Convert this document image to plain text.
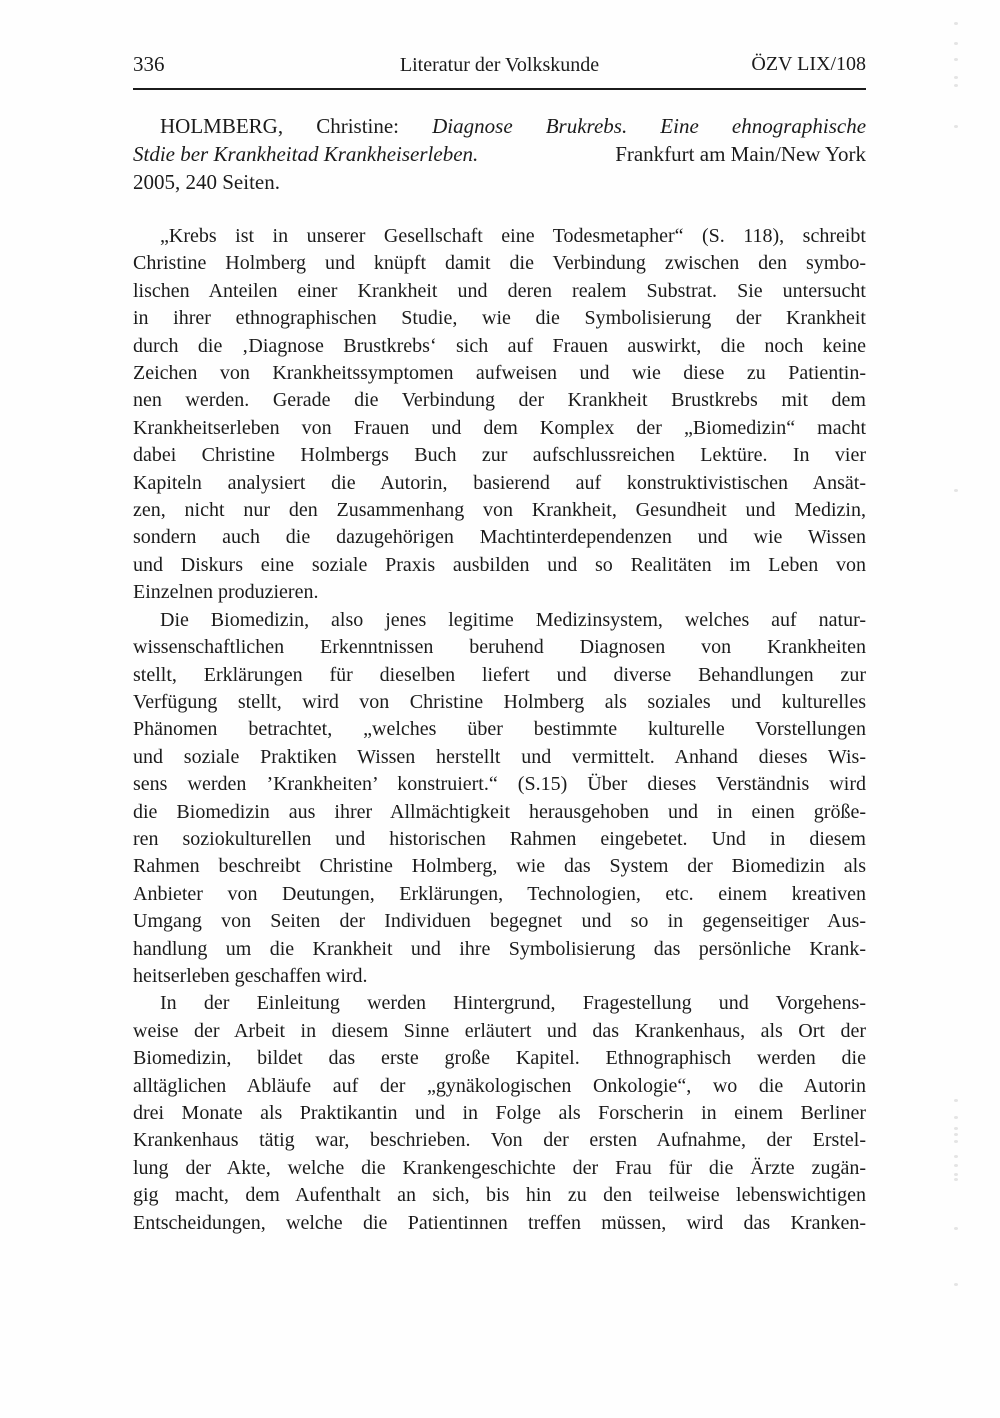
336	Literatur der Volkskunde	ÖZV LIX/108
HOLMBERG, Christine: Diagnose Brukrebs. Eine ehnographische
Stdie ber Krankheitad Krankheiserleben.	Frankfurt am Main/New York
2005, 240 Seiten.
„Krebs ist in unserer Gesellschaft eine Todesmetapher“ (S. 118), schreibt
Christine Holmberg und knüpft damit die Verbindung zwischen den symbo-
lischen Anteilen einer Krankheit und deren realem Substrat. Sie untersucht
in ihrer ethnographischen Studie, wie die Symbolisierung der Krankheit
durch die ‚Diagnose Brustkrebs‘ sich auf Frauen auswirkt, die noch keine
Zeichen von Krankheitssymptomen aufweisen und wie diese zu Patientin-
nen werden. Gerade die Verbindung der Krankheit Brustkrebs mit dem
Krankheitserleben von Frauen und dem Komplex der „Biomedizin“ macht
dabei Christine Holmbergs Buch zur aufschlussreichen Lektüre. In vier
Kapiteln analysiert die Autorin, basierend auf konstruktivistischen Ansät-
zen, nicht nur den Zusammenhang von Krankheit, Gesundheit und Medizin,
sondern auch die dazugehörigen Machtinterdependenzen und wie Wissen
und Diskurs eine soziale Praxis ausbilden und so Realitäten im Leben von
Einzelnen produzieren.
Die Biomedizin, also jenes legitime Medizinsystem, welches auf natur-
wissenschaftlichen Erkenntnissen beruhend Diagnosen von Krankheiten
stellt, Erklärungen für dieselben liefert und diverse Behandlungen zur
Verfügung stellt, wird von Christine Holmberg als soziales und kulturelles
Phänomen betrachtet, „welches über bestimmte kulturelle Vorstellungen
und soziale Praktiken Wissen herstellt und vermittelt. Anhand dieses Wis-
sens werden ’Krankheiten’ konstruiert.“ (S.15) Über dieses Verständnis wird
die Biomedizin aus ihrer Allmächtigkeit herausgehoben und in einen größe-
ren soziokulturellen und historischen Rahmen eingebetet. Und in diesem
Rahmen beschreibt Christine Holmberg, wie das System der Biomedizin als
Anbieter von Deutungen, Erklärungen, Technologien, etc. einem kreativen
Umgang von Seiten der Individuen begegnet und so in gegenseitiger Aus-
handlung um die Krankheit und ihre Symbolisierung das persönliche Krank-
heitserleben geschaffen wird.
In der Einleitung werden Hintergrund, Fragestellung und Vorgehens-
weise der Arbeit in diesem Sinne erläutert und das Krankenhaus, als Ort der
Biomedizin, bildet das erste große Kapitel. Ethnographisch werden die
alltäglichen Abläufe auf der „gynäkologischen Onkologie“, wo die Autorin
drei Monate als Praktikantin und in Folge als Forscherin in einem Berliner
Krankenhaus tätig war, beschrieben. Von der ersten Aufnahme, der Erstel-
lung der Akte, welche die Krankengeschichte der Frau für die Ärzte zugän-
gig macht, dem Aufenthalt an sich, bis hin zu den teilweise lebenswichtigen
Entscheidungen, welche die Patientinnen treffen müssen, wird das Kranken-
